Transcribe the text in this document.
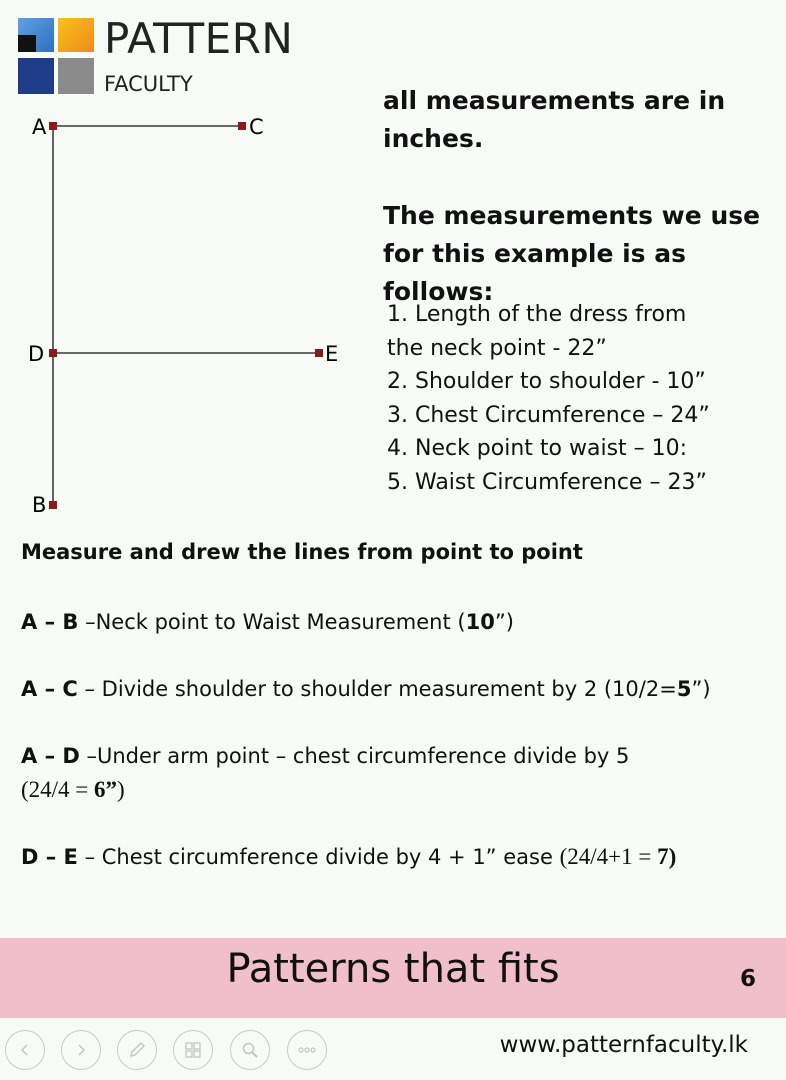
PATTERN
FACULTY
A	C
D	E
B
all measurements are in
inches.
The measurements we use
for this example is as follows:
1. Length of the dress from
the neck point - 22”
2. Shoulder to shoulder - 10”
3. Chest Circumference – 24”
4. Neck point to waist – 10:
5. Waist Circumference – 23”
Measure and drew the lines from point to point
A – B –Neck point to Waist Measurement (10”)
A – C – Divide shoulder to shoulder measurement by 2 (10/2=5”)
A – D –Under arm point – chest circumference divide by 5
(24/4 = 6”)
D – E – Chest circumference divide by 4 + 1” ease (24/4+1 = 7)
Patterns that fits	6
www.patternfaculty.lk
